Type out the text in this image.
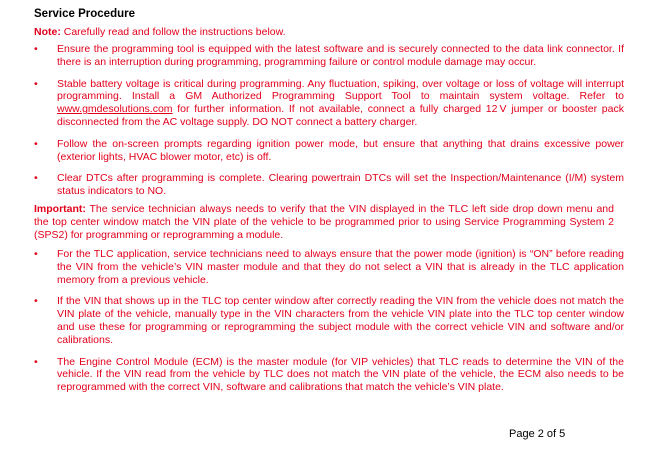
Service Procedure
Note: Carefully read and follow the instructions below.
• Ensure the programming tool is equipped with the latest software and is securely connected to the data link connector. If there is an interruption during programming, programming failure or control module damage may occur.
• Stable battery voltage is critical during programming. Any fluctuation, spiking, over voltage or loss of voltage will interrupt programming. Install a GM Authorized Programming Support Tool to maintain system voltage. Refer to www.gmdesolutions.com for further information. If not available, connect a fully charged 12 V jumper or booster pack disconnected from the AC voltage supply. DO NOT connect a battery charger.
• Follow the on-screen prompts regarding ignition power mode, but ensure that anything that drains excessive power (exterior lights, HVAC blower motor, etc) is off.
• Clear DTCs after programming is complete. Clearing powertrain DTCs will set the Inspection/Maintenance (I/M) system status indicators to NO.
Important: The service technician always needs to verify that the VIN displayed in the TLC left side drop down menu and the top center window match the VIN plate of the vehicle to be programmed prior to using Service Programming System 2 (SPS2) for programming or reprogramming a module.
• For the TLC application, service technicians need to always ensure that the power mode (ignition) is “ON” before reading the VIN from the vehicle’s VIN master module and that they do not select a VIN that is already in the TLC application memory from a previous vehicle.
• If the VIN that shows up in the TLC top center window after correctly reading the VIN from the vehicle does not match the VIN plate of the vehicle, manually type in the VIN characters from the vehicle VIN plate into the TLC top center window and use these for programming or reprogramming the subject module with the correct vehicle VIN and software and/or calibrations.
• The Engine Control Module (ECM) is the master module (for VIP vehicles) that TLC reads to determine the VIN of the vehicle. If the VIN read from the vehicle by TLC does not match the VIN plate of the vehicle, the ECM also needs to be reprogrammed with the correct VIN, software and calibrations that match the vehicle’s VIN plate.
Page 2 of 5
